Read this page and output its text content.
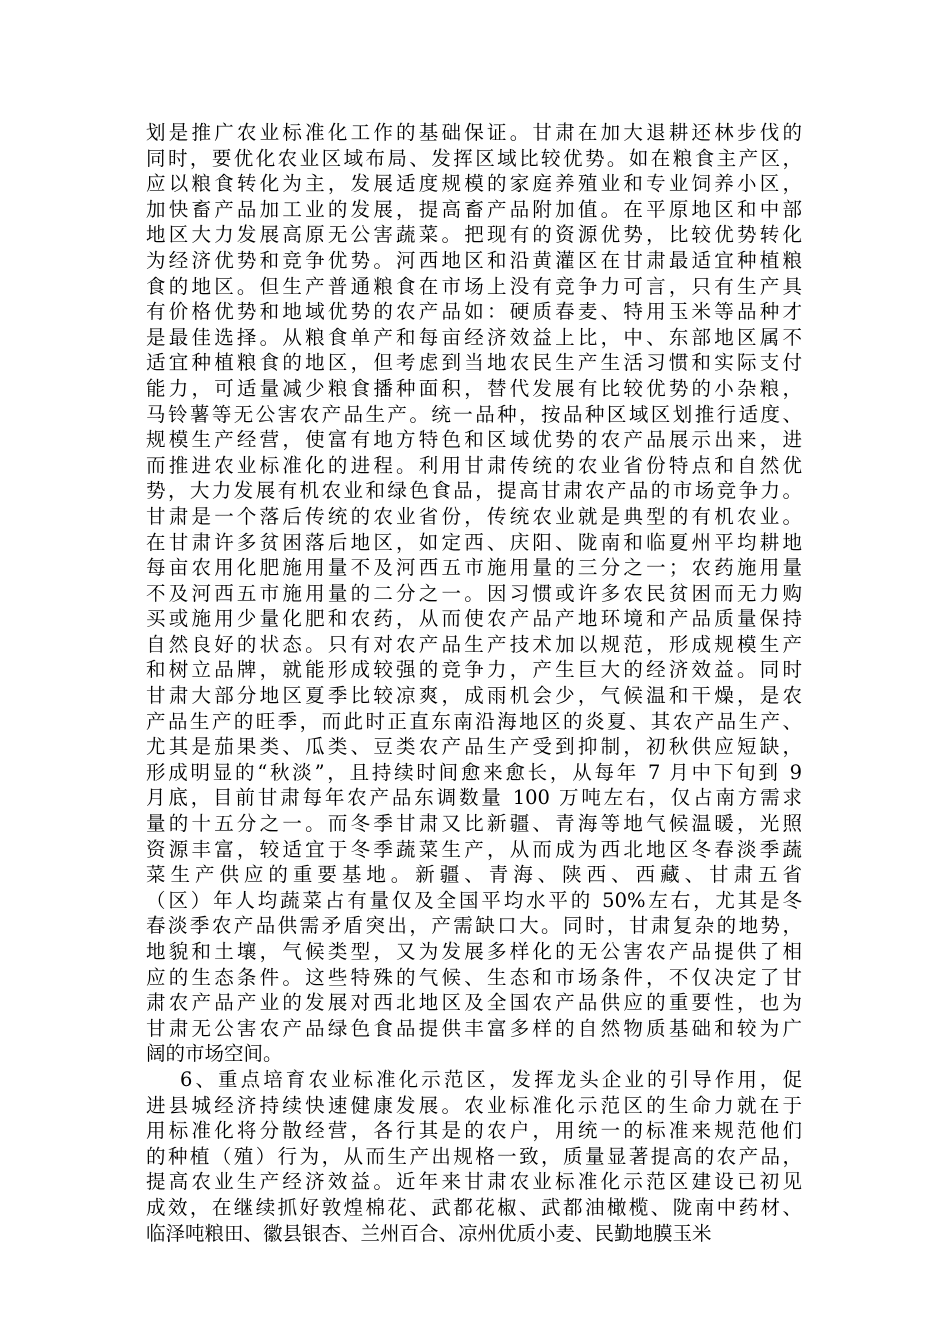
划是推广农业标准化工作的基础保证。甘肃在加大退耕还林步伐的
同时，要优化农业区域布局、发挥区域比较优势。如在粮食主产区，
应以粮食转化为主，发展适度规模的家庭养殖业和专业饲养小区，
加快畜产品加工业的发展，提高畜产品附加值。在平原地区和中部
地区大力发展高原无公害蔬菜。把现有的资源优势，比较优势转化
为经济优势和竞争优势。河西地区和沿黄灌区在甘肃最适宜种植粮
食的地区。但生产普通粮食在市场上没有竞争力可言，只有生产具
有价格优势和地域优势的农产品如：硬质春麦、特用玉米等品种才
是最佳选择。从粮食单产和每亩经济效益上比，中、东部地区属不
适宜种植粮食的地区，但考虑到当地农民生产生活习惯和实际支付
能力，可适量减少粮食播种面积，替代发展有比较优势的小杂粮，
马铃薯等无公害农产品生产。统一品种，按品种区域区划推行适度、
规模生产经营，使富有地方特色和区域优势的农产品展示出来，进
而推进农业标准化的进程。利用甘肃传统的农业省份特点和自然优
势，大力发展有机农业和绿色食品，提高甘肃农产品的市场竞争力。
甘肃是一个落后传统的农业省份，传统农业就是典型的有机农业。
在甘肃许多贫困落后地区，如定西、庆阳、陇南和临夏州平均耕地
每亩农用化肥施用量不及河西五市施用量的三分之一；农药施用量
不及河西五市施用量的二分之一。因习惯或许多农民贫困而无力购
买或施用少量化肥和农药，从而使农产品产地环境和产品质量保持
自然良好的状态。只有对农产品生产技术加以规范，形成规模生产
和树立品牌，就能形成较强的竞争力，产生巨大的经济效益。同时
甘肃大部分地区夏季比较凉爽，成雨机会少，气候温和干燥，是农
产品生产的旺季，而此时正直东南沿海地区的炎夏、其农产品生产、
尤其是茄果类、瓜类、豆类农产品生产受到抑制，初秋供应短缺，
形成明显的“秋淡”，且持续时间愈来愈长，从每年 7 月中下旬到 9
月底，目前甘肃每年农产品东调数量 100 万吨左右，仅占南方需求
量的十五分之一。而冬季甘肃又比新疆、青海等地气候温暖，光照
资源丰富，较适宜于冬季蔬菜生产，从而成为西北地区冬春淡季蔬
菜生产供应的重要基地。新疆、青海、陕西、西藏、甘肃五省
（区）年人均蔬菜占有量仅及全国平均水平的 50%左右，尤其是冬
春淡季农产品供需矛盾突出，产需缺口大。同时，甘肃复杂的地势，
地貌和土壤，气候类型，又为发展多样化的无公害农产品提供了相
应的生态条件。这些特殊的气候、生态和市场条件，不仅决定了甘
肃农产品产业的发展对西北地区及全国农产品供应的重要性，也为
甘肃无公害农产品绿色食品提供丰富多样的自然物质基础和较为广
阔的市场空间。
6、重点培育农业标准化示范区，发挥龙头企业的引导作用，促
进县城经济持续快速健康发展。农业标准化示范区的生命力就在于
用标准化将分散经营，各行其是的农户，用统一的标准来规范他们
的种植（殖）行为，从而生产出规格一致，质量显著提高的农产品，
提高农业生产经济效益。近年来甘肃农业标准化示范区建设已初见
成效，在继续抓好敦煌棉花、武都花椒、武都油橄榄、陇南中药材、
临泽吨粮田、徽县银杏、兰州百合、凉州优质小麦、民勤地膜玉米
